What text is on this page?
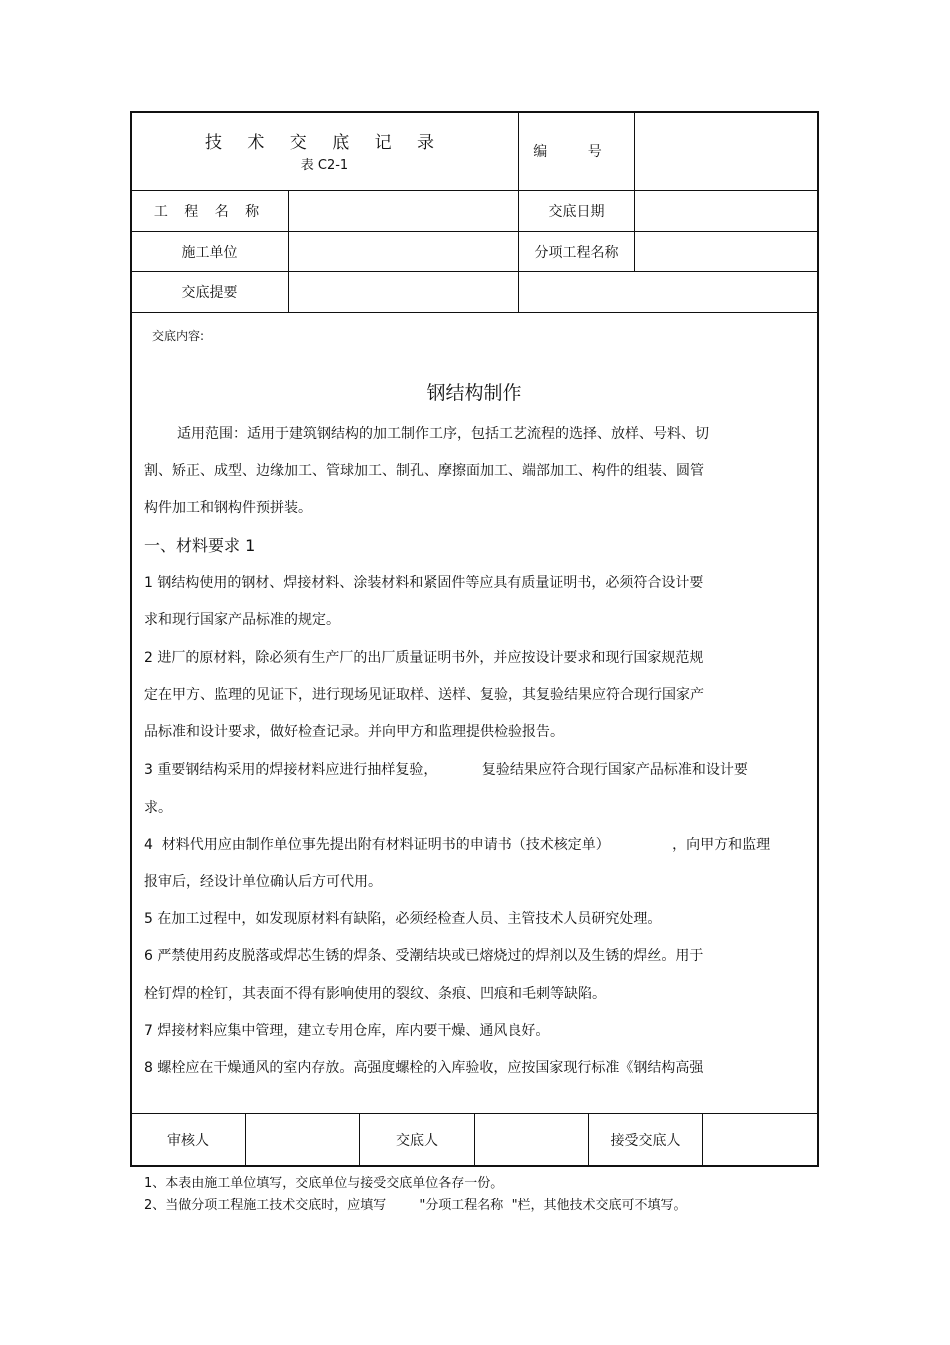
技 术 交 底 记 录
表 C2-1
编 号
工 程 名 称	交底日期
施工单位	分项工程名称
交底提要
交底内容:
钢结构制作
适用范围：适用于建筑钢结构的加工制作工序，包括工艺流程的选择、放样、号料、切
割、矫正、成型、边缘加工、管球加工、制孔、摩擦面加工、端部加工、构件的组装、圆管
构件加工和钢构件预拼装。
一、材料要求 1
1 钢结构使用的钢材、焊接材料、涂装材料和紧固件等应具有质量证明书，必须符合设计要
求和现行国家产品标准的规定。
2 进厂的原材料，除必须有生产厂的出厂质量证明书外，并应按设计要求和现行国家规范规
定在甲方、监理的见证下，进行现场见证取样、送样、复验，其复验结果应符合现行国家产
品标准和设计要求，做好检查记录。并向甲方和监理提供检验报告。
3 重要钢结构采用的焊接材料应进行抽样复验，          复验结果应符合现行国家产品标准和设计要
求。
4  材料代用应由制作单位事先提出附有材料证明书的申请书（技术核定单）              ，向甲方和监理
报审后，经设计单位确认后方可代用。
5 在加工过程中，如发现原材料有缺陷，必须经检查人员、主管技术人员研究处理。
6 严禁使用药皮脱落或焊芯生锈的焊条、受潮结块或已熔烧过的焊剂以及生锈的焊丝。用于
栓钉焊的栓钉，其表面不得有影响使用的裂纹、条痕、凹痕和毛刺等缺陷。
7 焊接材料应集中管理，建立专用仓库，库内要干燥、通风良好。
8 螺栓应在干燥通风的室内存放。高强度螺栓的入库验收，应按国家现行标准《钢结构高强
审核人	交底人	接受交底人
1、本表由施工单位填写，交底单位与接受交底单位各存一份。
2、当做分项工程施工技术交底时，应填写        "分项工程名称  "栏，其他技术交底可不填写。
